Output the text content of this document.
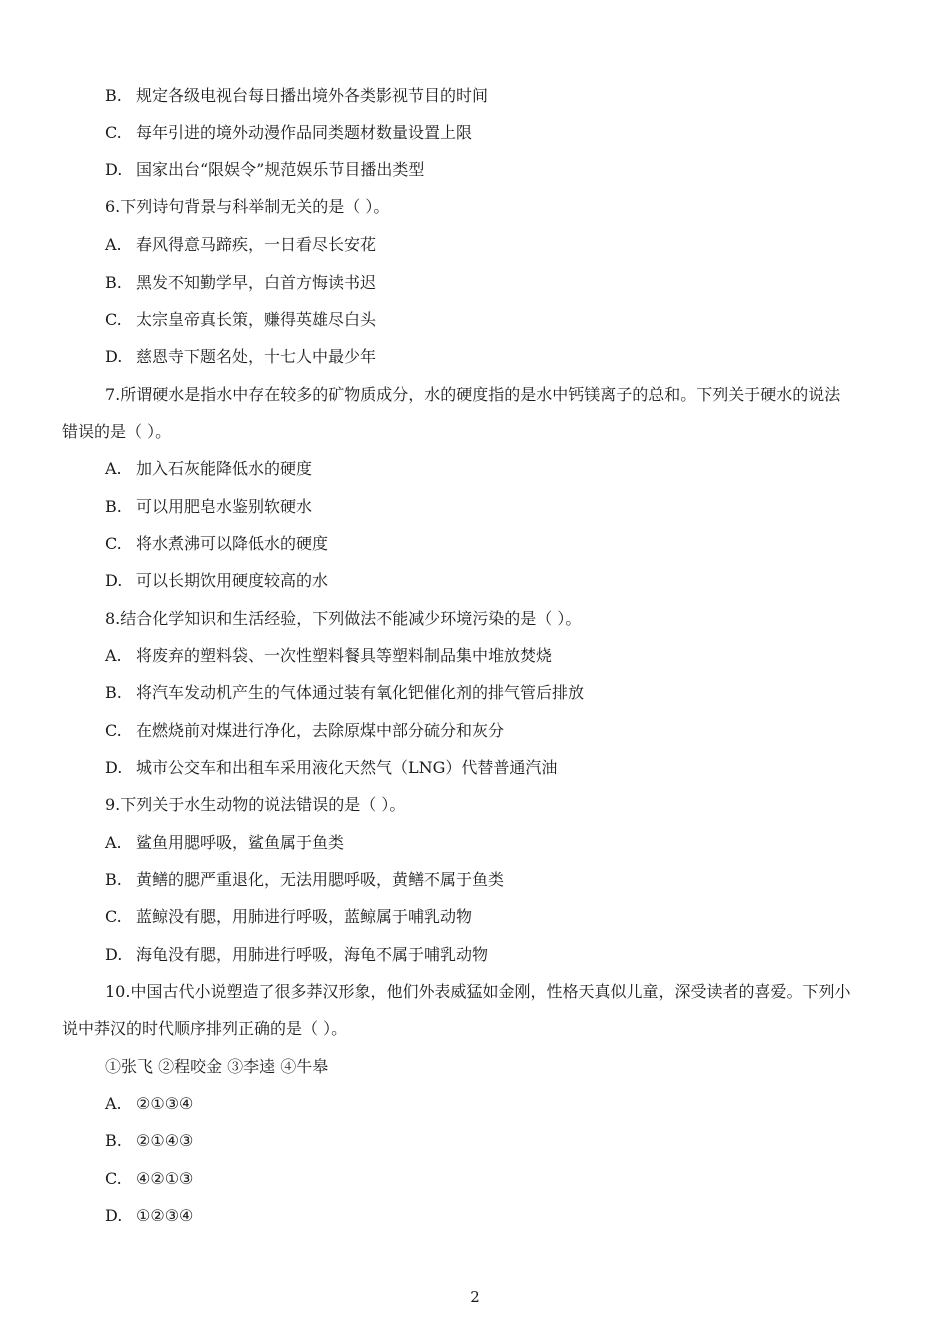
B. 规定各级电视台每日播出境外各类影视节目的时间
C. 每年引进的境外动漫作品同类题材数量设置上限
D. 国家出台“限娱令”规范娱乐节目播出类型
6.下列诗句背景与科举制无关的是（ ）。
A. 春风得意马蹄疾，一日看尽长安花
B. 黑发不知勤学早，白首方悔读书迟
C. 太宗皇帝真长策，赚得英雄尽白头
D. 慈恩寺下题名处，十七人中最少年
7.所谓硬水是指水中存在较多的矿物质成分，水的硬度指的是水中钙镁离子的总和。下列关于硬水的说法
错误的是（ ）。
A. 加入石灰能降低水的硬度
B. 可以用肥皂水鉴别软硬水
C. 将水煮沸可以降低水的硬度
D. 可以长期饮用硬度较高的水
8.结合化学知识和生活经验，下列做法不能减少环境污染的是（ ）。
A. 将废弃的塑料袋、一次性塑料餐具等塑料制品集中堆放焚烧
B. 将汽车发动机产生的气体通过装有氧化钯催化剂的排气管后排放
C. 在燃烧前对煤进行净化，去除原煤中部分硫分和灰分
D. 城市公交车和出租车采用液化天然气（LNG）代替普通汽油
9.下列关于水生动物的说法错误的是（ ）。
A. 鲨鱼用腮呼吸，鲨鱼属于鱼类
B. 黄鳝的腮严重退化，无法用腮呼吸，黄鳝不属于鱼类
C. 蓝鲸没有腮，用肺进行呼吸，蓝鲸属于哺乳动物
D. 海龟没有腮，用肺进行呼吸，海龟不属于哺乳动物
10.中国古代小说塑造了很多莽汉形象，他们外表威猛如金刚，性格天真似儿童，深受读者的喜爱。下列小
说中莽汉的时代顺序排列正确的是（ ）。
①张飞 ②程咬金 ③李逵 ④牛皋
A. ②①③④
B. ②①④③
C. ④②①③
D. ①②③④
2
